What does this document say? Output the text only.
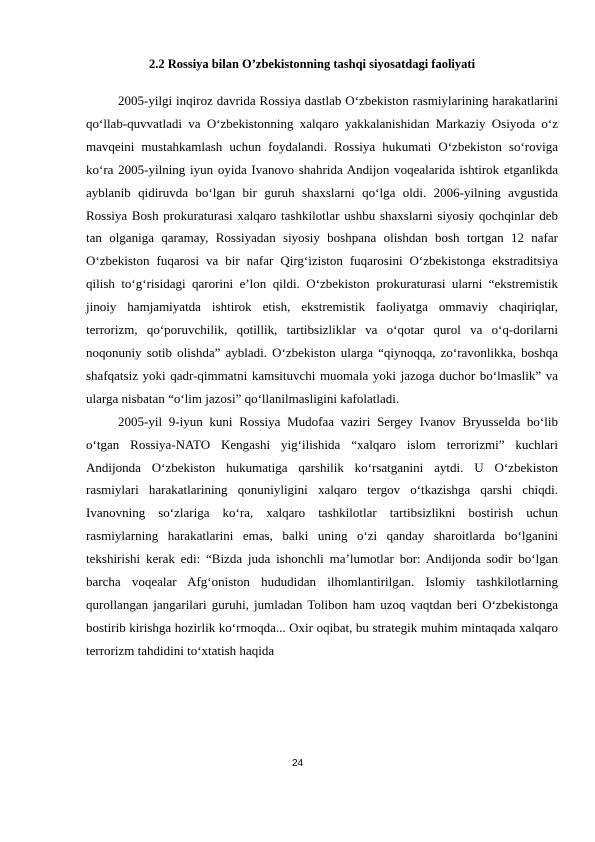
2.2 Rossiya bilan O’zbekistonning tashqi siyosatdagi faoliyati

2005-yilgi inqiroz davrida Rossiya dastlab O‘zbekiston rasmiylarining harakatlarini qo‘llab-quvvatladi va O‘zbekistonning xalqaro yakkalanishidan Markaziy Osiyoda o‘z mavqeini mustahkamlash uchun foydalandi. Rossiya hukumati O‘zbekiston so‘roviga ko‘ra 2005-yilning iyun oyida Ivanovo shahrida Andijon voqealarida ishtirok etganlikda ayblanib qidiruvda bo‘lgan bir guruh shaxslarni qo‘lga oldi. 2006-yilning avgustida Rossiya Bosh prokuraturasi xalqaro tashkilotlar ushbu shaxslarni siyosiy qochqinlar deb tan olganiga qaramay, Rossiyadan siyosiy boshpana olishdan bosh tortgan 12 nafar O‘zbekiston fuqarosi va bir nafar Qirg‘iziston fuqarosini O‘zbekistonga ekstraditsiya qilish to‘g‘risidagi qarorini e’lon qildi. O‘zbekiston prokuraturasi ularni “ekstremistik jinoiy hamjamiyatda ishtirok etish, ekstremistik faoliyatga ommaviy chaqiriqlar, terrorizm, qo‘poruvchilik, qotillik, tartibsizliklar va o‘qotar qurol va o‘q-dorilarni noqonuniy sotib olishda” aybladi. O‘zbekiston ularga “qiynoqqa, zo‘ravonlikka, boshqa shafqatsiz yoki qadr-qimmatni kamsituvchi muomala yoki jazoga duchor bo‘lmaslik” va ularga nisbatan “o‘lim jazosi” qo‘llanilmasligini kafolatladi.

2005-yil 9-iyun kuni Rossiya Mudofaa vaziri Sergey Ivanov Bryusselda bo‘lib o‘tgan Rossiya-NATO Kengashi yig‘ilishida “xalqaro islom terrorizmi” kuchlari Andijonda O‘zbekiston hukumatiga qarshilik ko‘rsatganini aytdi. U O‘zbekiston rasmiylari harakatlarining qonuniyligini xalqaro tergov o‘tkazishga qarshi chiqdi. Ivanovning so‘zlariga ko‘ra, xalqaro tashkilotlar tartibsizlikni bostirish uchun rasmiylarning harakatlarini emas, balki uning o‘zi qanday sharoitlarda bo‘lganini tekshirishi kerak edi: “Bizda juda ishonchli ma’lumotlar bor: Andijonda sodir bo‘lgan barcha voqealar Afg‘oniston hududidan ilhomlantirilgan. Islomiy tashkilotlarning qurollangan jangarilari guruhi, jumladan Tolibon ham uzoq vaqtdan beri O‘zbekistonga bostirib kirishga hozirlik ko‘rmoqda... Oxir oqibat, bu strategik muhim mintaqada xalqaro terrorizm tahdidini to‘xtatish haqida

24
